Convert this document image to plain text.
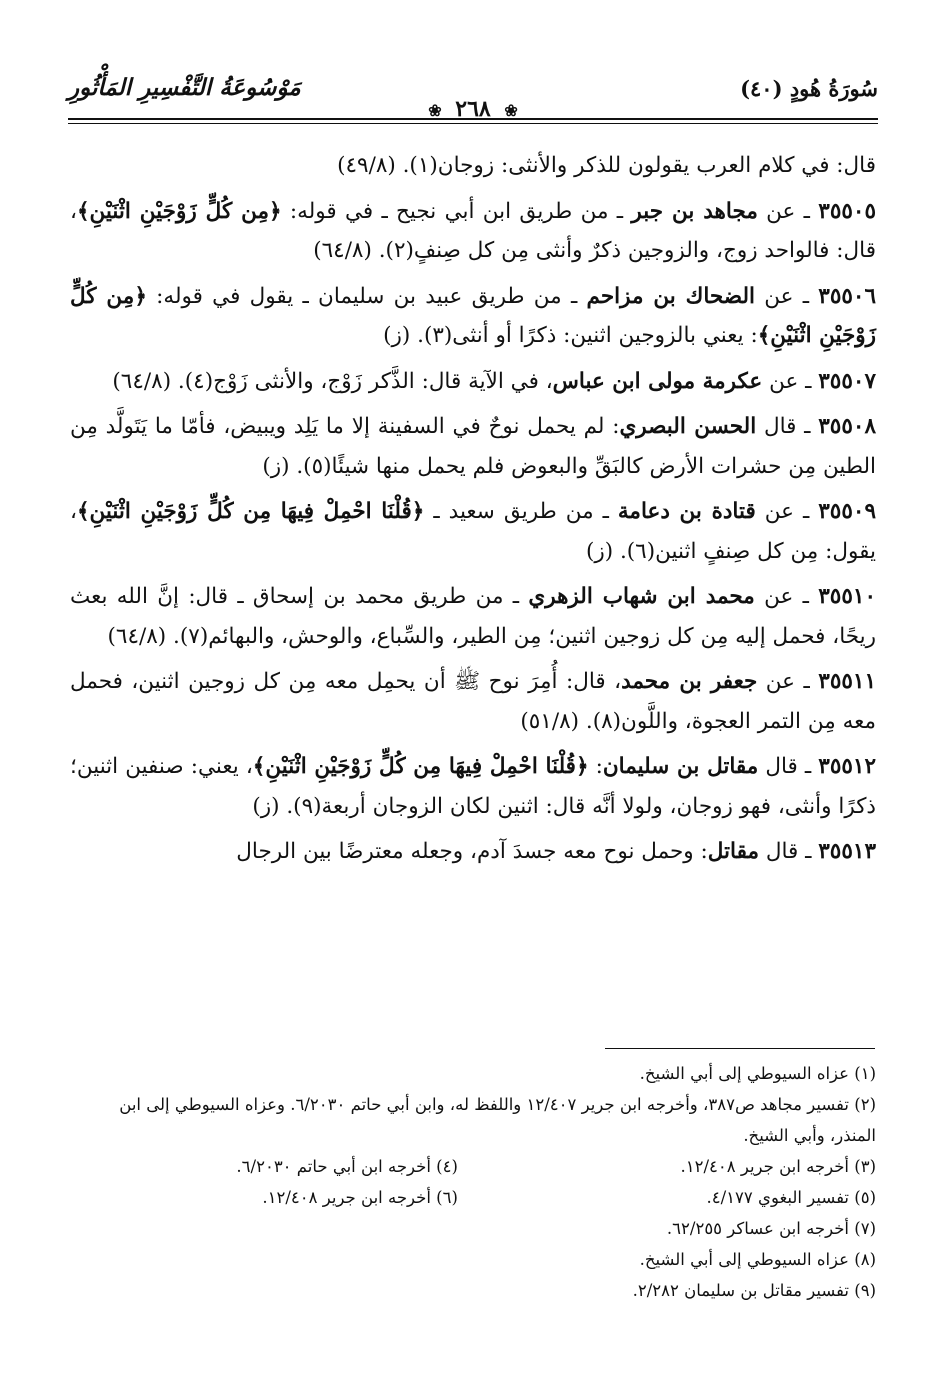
سُورَةُ هُودٍ (٤٠)
مَوْسُوعَةُ التَّفْسِيرِ المَأْثُورِ
❀ ٢٦٨ ❀

قال: في كلام العرب يقولون للذكر والأنثى: زوجان(١). (٤٩/٨)

٣٥٥٠٥ ـ عن مجاهد بن جبر ـ من طريق ابن أبي نجيح ـ في قوله: ﴿مِن كُلٍّ زَوْجَيْنِ اثْنَيْنِ﴾، قال: فالواحد زوج، والزوجين ذكرٌ وأنثى مِن كل صِنفٍ(٢). (٦٤/٨)

٣٥٥٠٦ ـ عن الضحاك بن مزاحم ـ من طريق عبيد بن سليمان ـ يقول في قوله: ﴿مِن كُلٍّ زَوْجَيْنِ اثْنَيْنِ﴾: يعني بالزوجين اثنين: ذكرًا أو أنثى(٣). (ز)

٣٥٥٠٧ ـ عن عكرمة مولى ابن عباس، في الآية قال: الذَّكر زَوْج، والأنثى زَوْج(٤). (٦٤/٨)

٣٥٥٠٨ ـ قال الحسن البصري: لم يحمل نوحٌ في السفينة إلا ما يَلِد ويبيض، فأمّا ما يَتَولَّد مِن الطين مِن حشرات الأرض كالبَقِّ والبعوض فلم يحمل منها شيئًا(٥). (ز)

٣٥٥٠٩ ـ عن قتادة بن دعامة ـ من طريق سعيد ـ ﴿قُلْنَا احْمِلْ فِيهَا مِن كُلٍّ زَوْجَيْنِ اثْنَيْنِ﴾، يقول: مِن كل صِنفٍ اثنين(٦). (ز)

٣٥٥١٠ ـ عن محمد ابن شهاب الزهري ـ من طريق محمد بن إسحاق ـ قال: إنَّ الله بعث ريحًا، فحمل إليه مِن كل زوجين اثنين؛ مِن الطير، والسِّباع، والوحش، والبهائم(٧). (٦٤/٨)

٣٥٥١١ ـ عن جعفر بن محمد، قال: أُمِرَ نوح ﷺ أن يحمِل معه مِن كل زوجين اثنين، فحمل معه مِن التمر العجوة، واللَّون(٨). (٥١/٨)

٣٥٥١٢ ـ قال مقاتل بن سليمان: ﴿قُلْنَا احْمِلْ فِيهَا مِن كُلٍّ زَوْجَيْنِ اثْنَيْنِ﴾، يعني: صنفين اثنين؛ ذكرًا وأنثى، فهو زوجان، ولولا أنَّه قال: اثنين لكان الزوجان أربعة(٩). (ز)

٣٥٥١٣ ـ قال مقاتل: وحمل نوح معه جسدَ آدم، وجعله معترضًا بين الرجال

(١) عزاه السيوطي إلى أبي الشيخ.

(٢) تفسير مجاهد ص٣٨٧، وأخرجه ابن جرير ١٢/٤٠٧ واللفظ له، وابن أبي حاتم ٦/٢٠٣٠. وعزاه السيوطي إلى ابن المنذر، وأبي الشيخ.

(٣) أخرجه ابن جرير ١٢/٤٠٨.
(٤) أخرجه ابن أبي حاتم ٦/٢٠٣٠.
(٥) تفسير البغوي ٤/١٧٧.
(٦) أخرجه ابن جرير ١٢/٤٠٨.

(٧) أخرجه ابن عساكر ٦٢/٢٥٥.

(٨) عزاه السيوطي إلى أبي الشيخ.

(٩) تفسير مقاتل بن سليمان ٢/٢٨٢.
